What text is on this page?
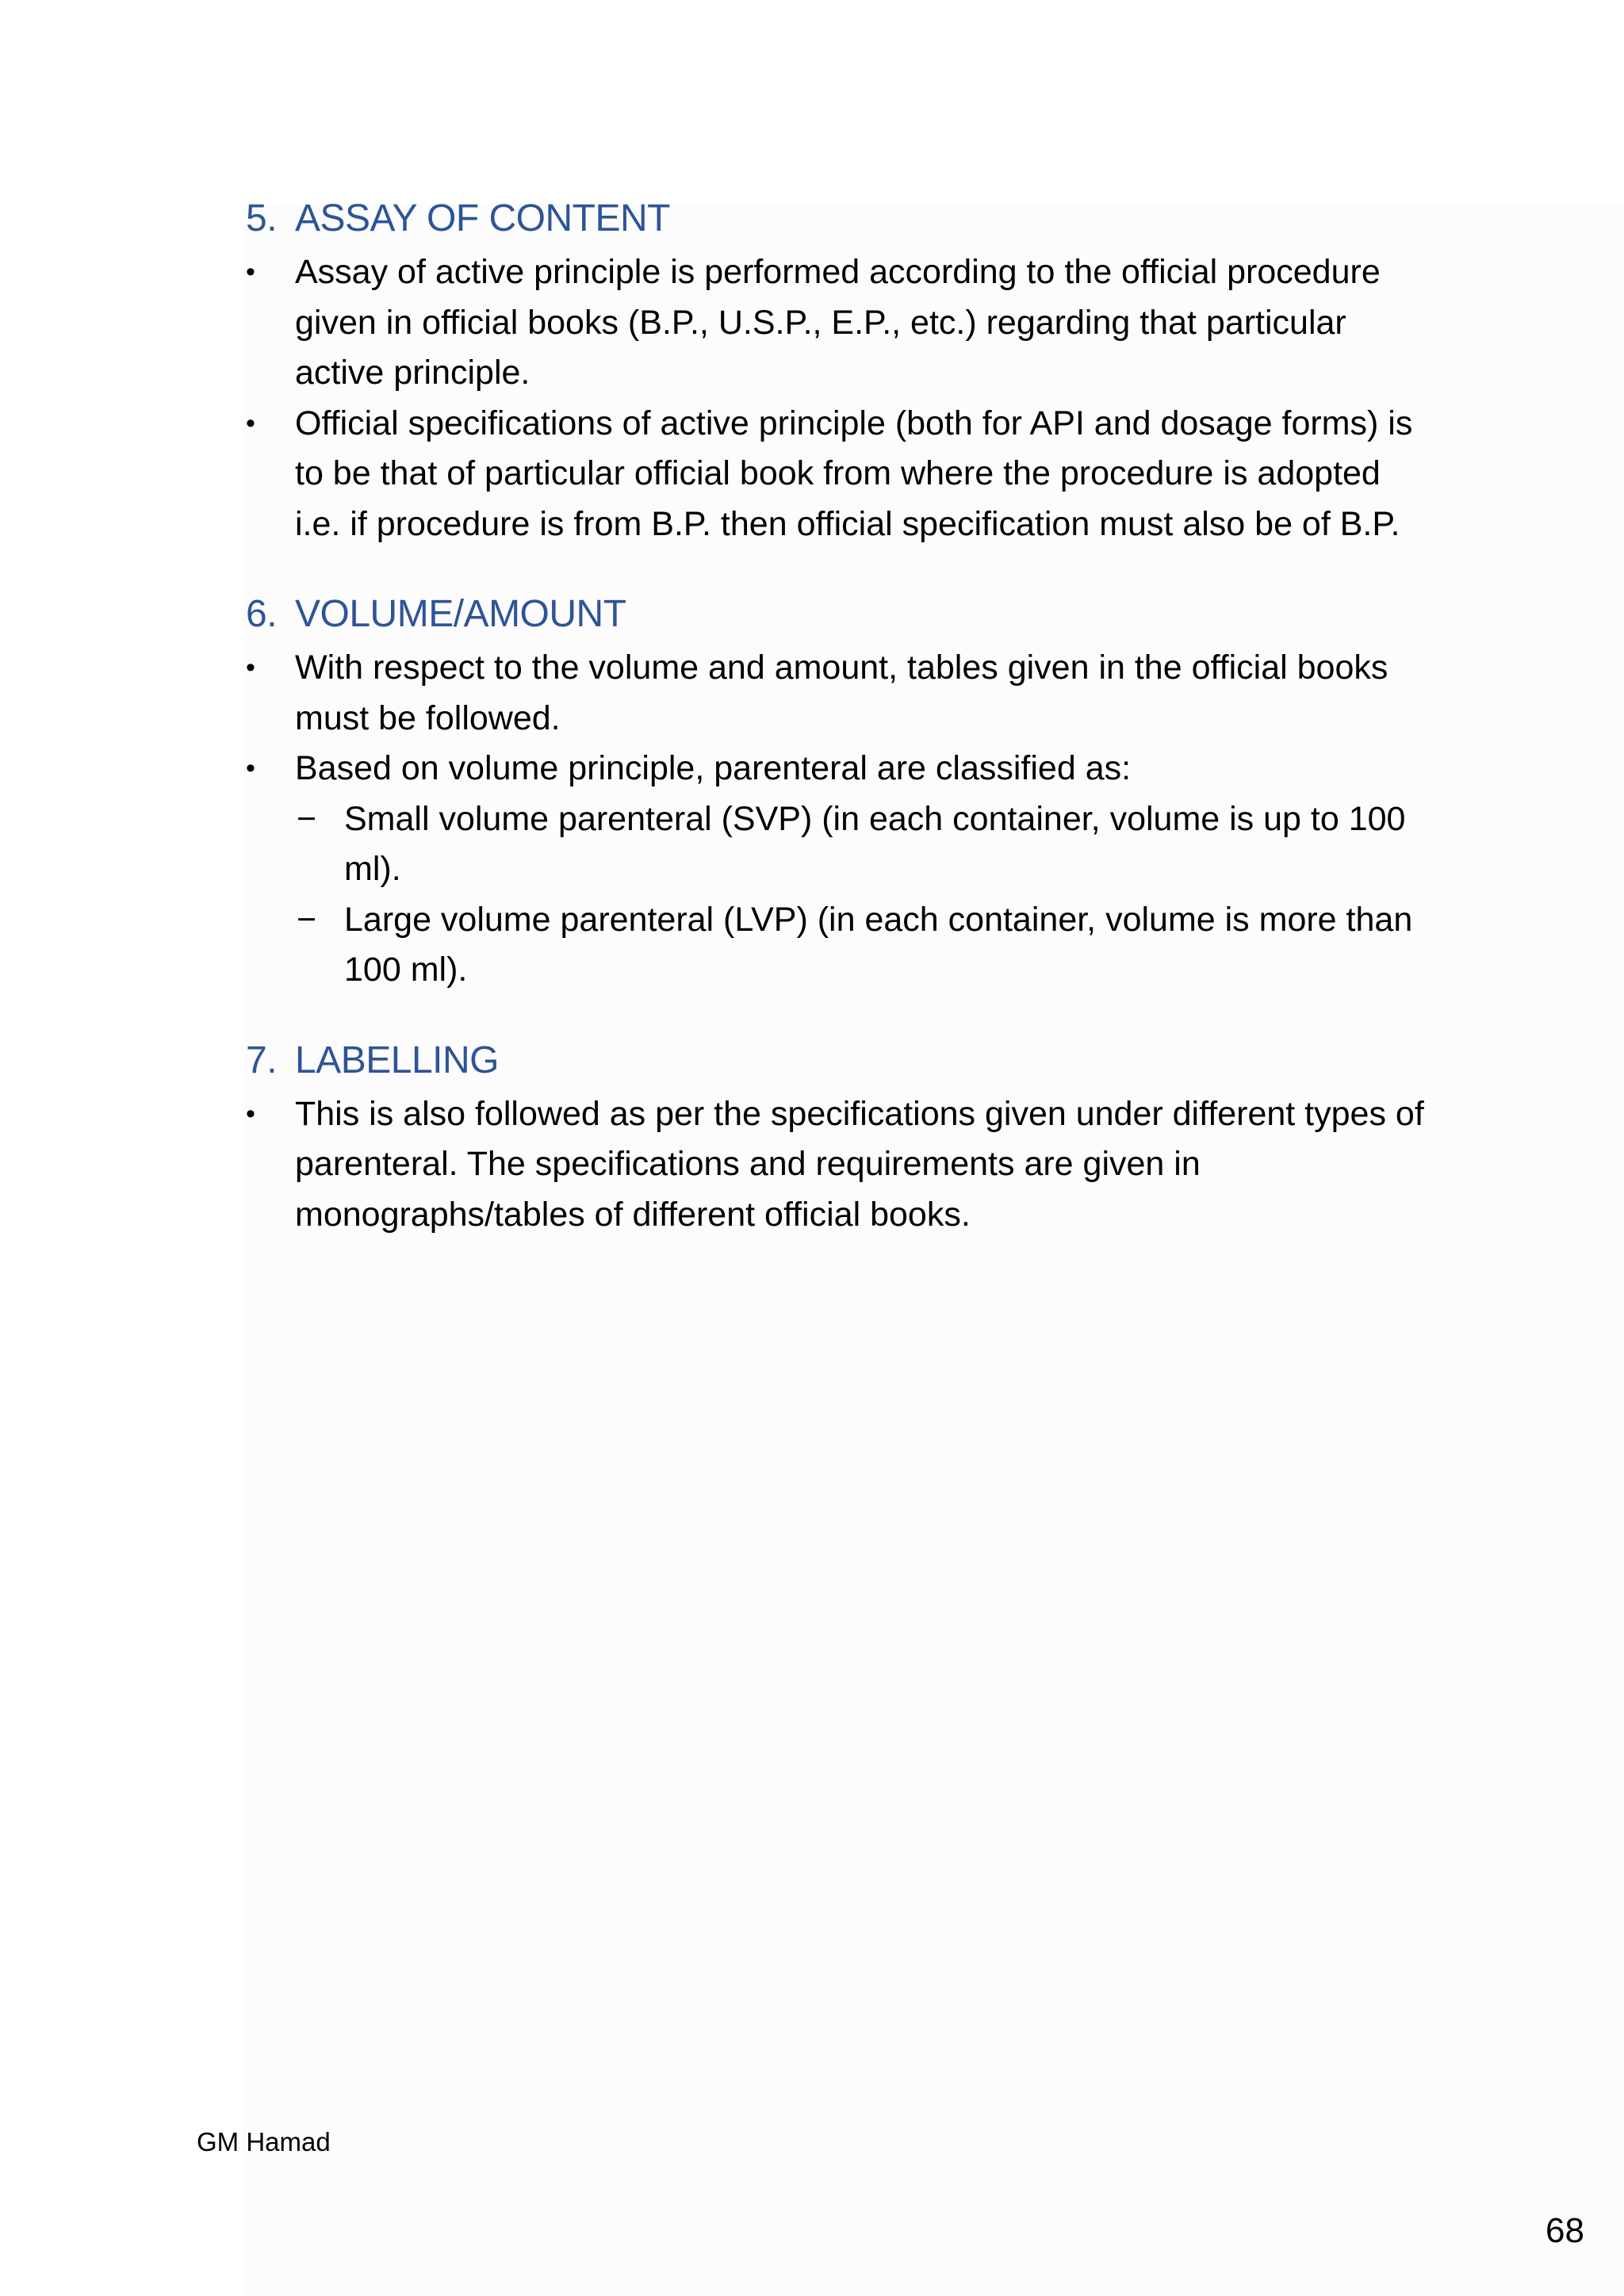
5. ASSAY OF CONTENT
•	Assay of active principle is performed according to the official procedure given in official books (B.P., U.S.P., E.P., etc.) regarding that particular active principle.
•	Official specifications of active principle (both for API and dosage forms) is to be that of particular official book from where the procedure is adopted i.e. if procedure is from B.P. then official specification must also be of B.P.
6. VOLUME/AMOUNT
•	With respect to the volume and amount, tables given in the official books must be followed.
•	Based on volume principle, parenteral are classified as:
− Small volume parenteral (SVP) (in each container, volume is up to 100 ml).
− Large volume parenteral (LVP) (in each container, volume is more than 100 ml).
7. LABELLING
•	This is also followed as per the specifications given under different types of parenteral. The specifications and requirements are given in monographs/tables of different official books.
GM Hamad
68
